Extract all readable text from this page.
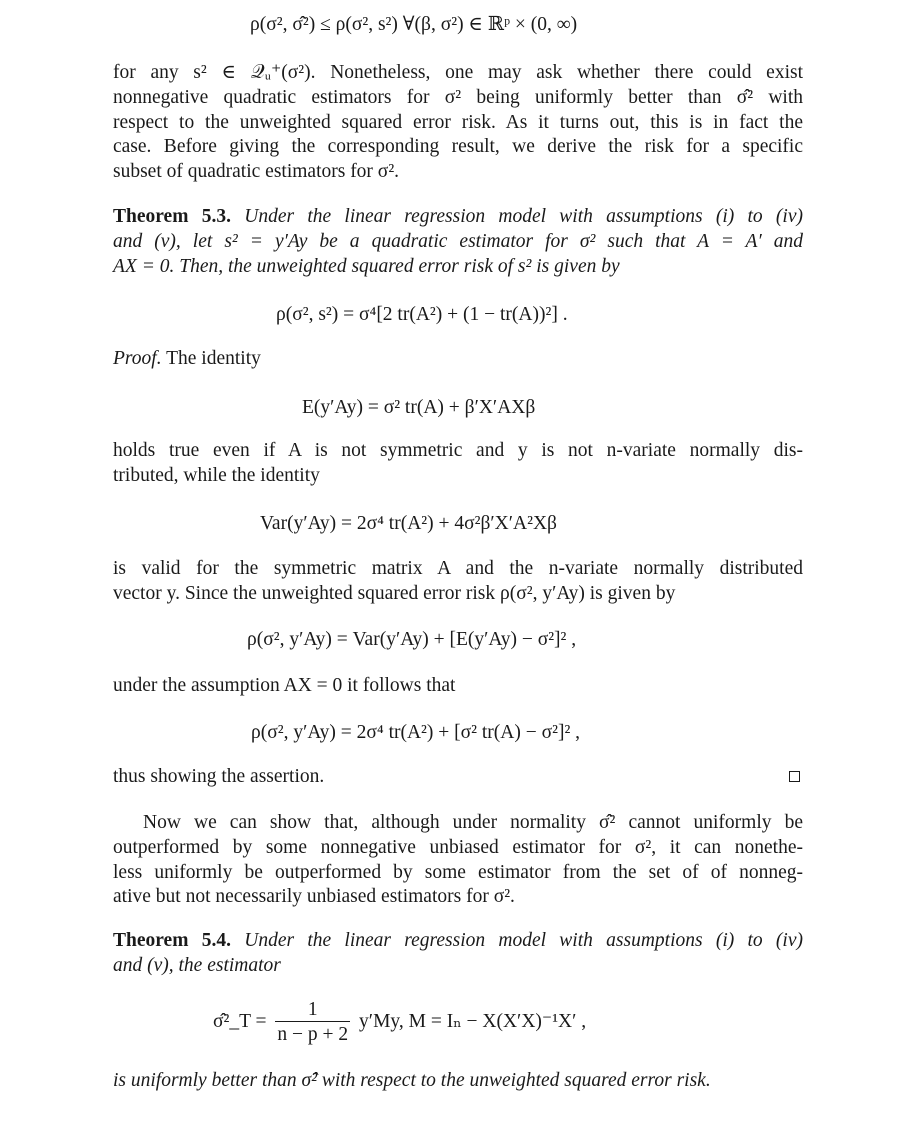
ρ(σ², σ̂²) ≤ ρ(σ², s²) ∀(β, σ²) ∈ ℝᵖ × (0, ∞)
for any s² ∈ 𝒬ᵤ⁺(σ²). Nonetheless, one may ask whether there could exist
nonnegative quadratic estimators for σ² being uniformly better than σ̂² with
respect to the unweighted squared error risk. As it turns out, this is in fact the
case. Before giving the corresponding result, we derive the risk for a specific
subset of quadratic estimators for σ².
Theorem 5.3. Under the linear regression model with assumptions (i) to (iv)
and (v), let s² = y′Ay be a quadratic estimator for σ² such that A = A′ and
AX = 0. Then, the unweighted squared error risk of s² is given by
ρ(σ², s²) = σ⁴[2 tr(A²) + (1 − tr(A))²] .
Proof. The identity
E(y′Ay) = σ² tr(A) + β′X′AXβ
holds true even if A is not symmetric and y is not n-variate normally dis-
tributed, while the identity
Var(y′Ay) = 2σ⁴ tr(A²) + 4σ²β′X′A²Xβ
is valid for the symmetric matrix A and the n-variate normally distributed
vector y. Since the unweighted squared error risk ρ(σ², y′Ay) is given by
ρ(σ², y′Ay) = Var(y′Ay) + [E(y′Ay) − σ²]² ,
under the assumption AX = 0 it follows that
ρ(σ², y′Ay) = 2σ⁴ tr(A²) + [σ² tr(A) − σ²]² ,
thus showing the assertion.
Now we can show that, although under normality σ̂² cannot uniformly be
outperformed by some nonnegative unbiased estimator for σ², it can nonethe-
less uniformly be outperformed by some estimator from the set of of nonneg-
ative but not necessarily unbiased estimators for σ².
Theorem 5.4. Under the linear regression model with assumptions (i) to (iv)
and (v), the estimator
σ̂²_T = $\frac{1}{n - p + 2} y'My$, M = Iₙ − X(X′X)⁻¹X′ ,
is uniformly better than σ̂² with respect to the unweighted squared error risk.
